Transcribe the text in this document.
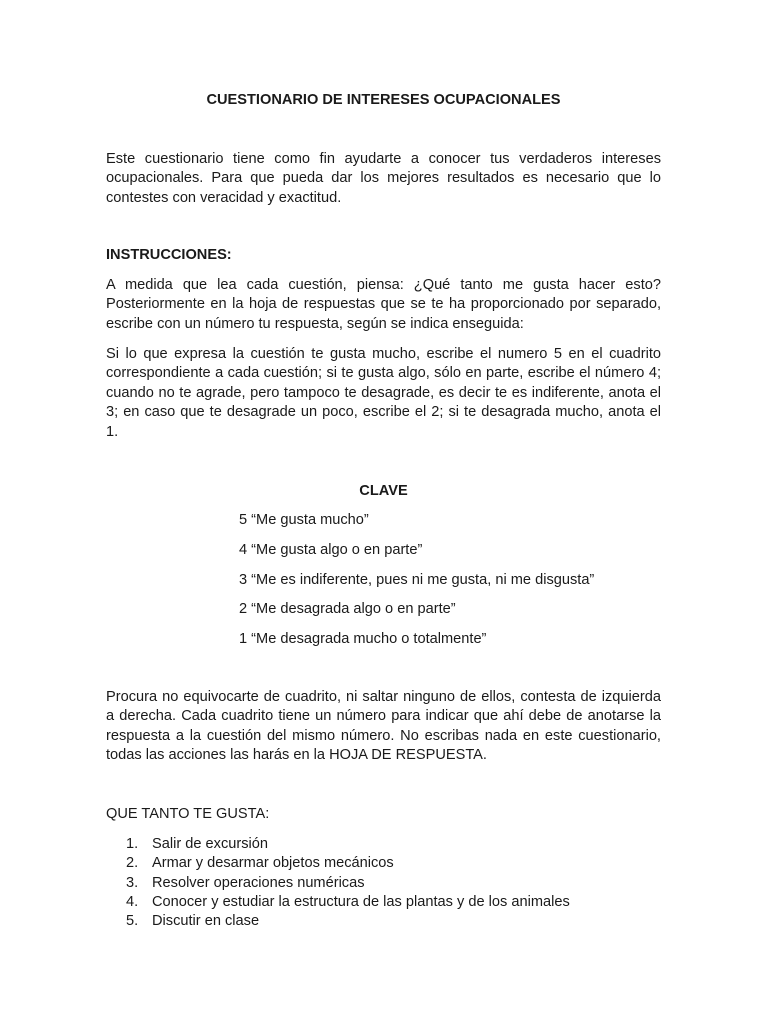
CUESTIONARIO DE INTERESES OCUPACIONALES

Este cuestionario tiene como fin ayudarte a conocer tus verdaderos intereses ocupacionales. Para que pueda dar los mejores resultados es necesario que lo contestes con veracidad y exactitud.

INSTRUCCIONES:

A medida que lea cada cuestión, piensa: ¿Qué tanto me gusta hacer esto? Posteriormente en la hoja de respuestas que se te ha proporcionado por separado, escribe con un número tu respuesta, según se indica enseguida:

Si lo que expresa la cuestión te gusta mucho, escribe el numero 5 en el cuadrito correspondiente a cada cuestión; si te gusta algo, sólo en parte, escribe el número 4; cuando no te agrade, pero tampoco te desagrade, es decir te es indiferente, anota el 3; en caso que te desagrade un poco, escribe el 2; si te desagrada mucho, anota el 1.

CLAVE

5 “Me gusta mucho”
4 “Me gusta algo o en parte”
3 “Me es indiferente, pues ni me gusta, ni me disgusta”
2 “Me desagrada algo o en parte”
1 “Me desagrada mucho o totalmente”

Procura no equivocarte de cuadrito, ni saltar ninguno de ellos, contesta de izquierda a derecha. Cada cuadrito tiene un número para indicar que ahí debe de anotarse la respuesta a la cuestión del mismo número. No escribas nada en este cuestionario, todas las acciones las harás en la HOJA DE RESPUESTA.

QUE TANTO TE GUSTA:

1. Salir de excursión
2. Armar y desarmar objetos mecánicos
3. Resolver operaciones numéricas
4. Conocer y estudiar la estructura de las plantas y de los animales
5. Discutir en clase
